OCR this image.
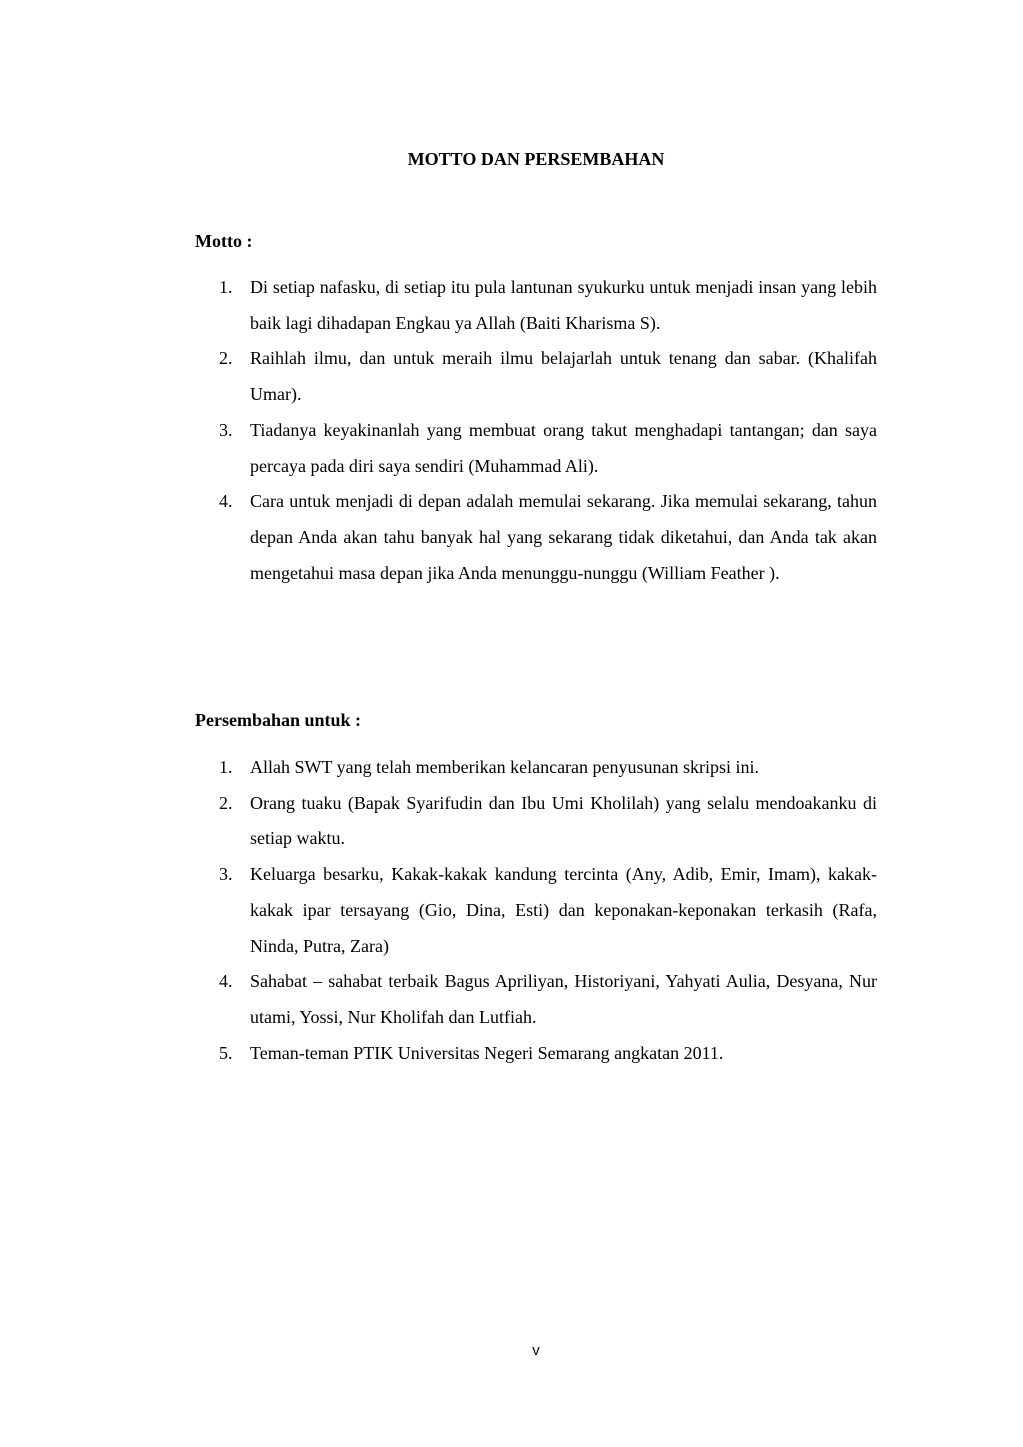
MOTTO DAN PERSEMBAHAN
Motto :
1. Di setiap nafasku, di setiap itu pula lantunan syukurku untuk menjadi insan yang lebih baik lagi dihadapan Engkau ya Allah (Baiti Kharisma S).
2. Raihlah ilmu, dan untuk meraih ilmu belajarlah untuk tenang dan sabar. (Khalifah Umar).
3. Tiadanya keyakinanlah yang membuat orang takut menghadapi tantangan; dan saya percaya pada diri saya sendiri (Muhammad Ali).
4. Cara untuk menjadi di depan adalah memulai sekarang. Jika memulai sekarang, tahun depan Anda akan tahu banyak hal yang sekarang tidak diketahui, dan Anda tak akan mengetahui masa depan jika Anda menunggu-nunggu (William Feather ).
Persembahan untuk :
1. Allah SWT yang telah memberikan kelancaran penyusunan skripsi ini.
2. Orang tuaku (Bapak Syarifudin dan Ibu Umi Kholilah) yang selalu mendoakanku di setiap waktu.
3. Keluarga besarku, Kakak-kakak kandung tercinta (Any, Adib, Emir, Imam), kakak-kakak ipar tersayang (Gio, Dina, Esti) dan keponakan-keponakan terkasih (Rafa, Ninda, Putra, Zara)
4. Sahabat – sahabat terbaik Bagus Apriliyan, Historiyani, Yahyati Aulia, Desyana, Nur utami, Yossi, Nur Kholifah dan Lutfiah.
5. Teman-teman PTIK Universitas Negeri Semarang angkatan 2011.
v
